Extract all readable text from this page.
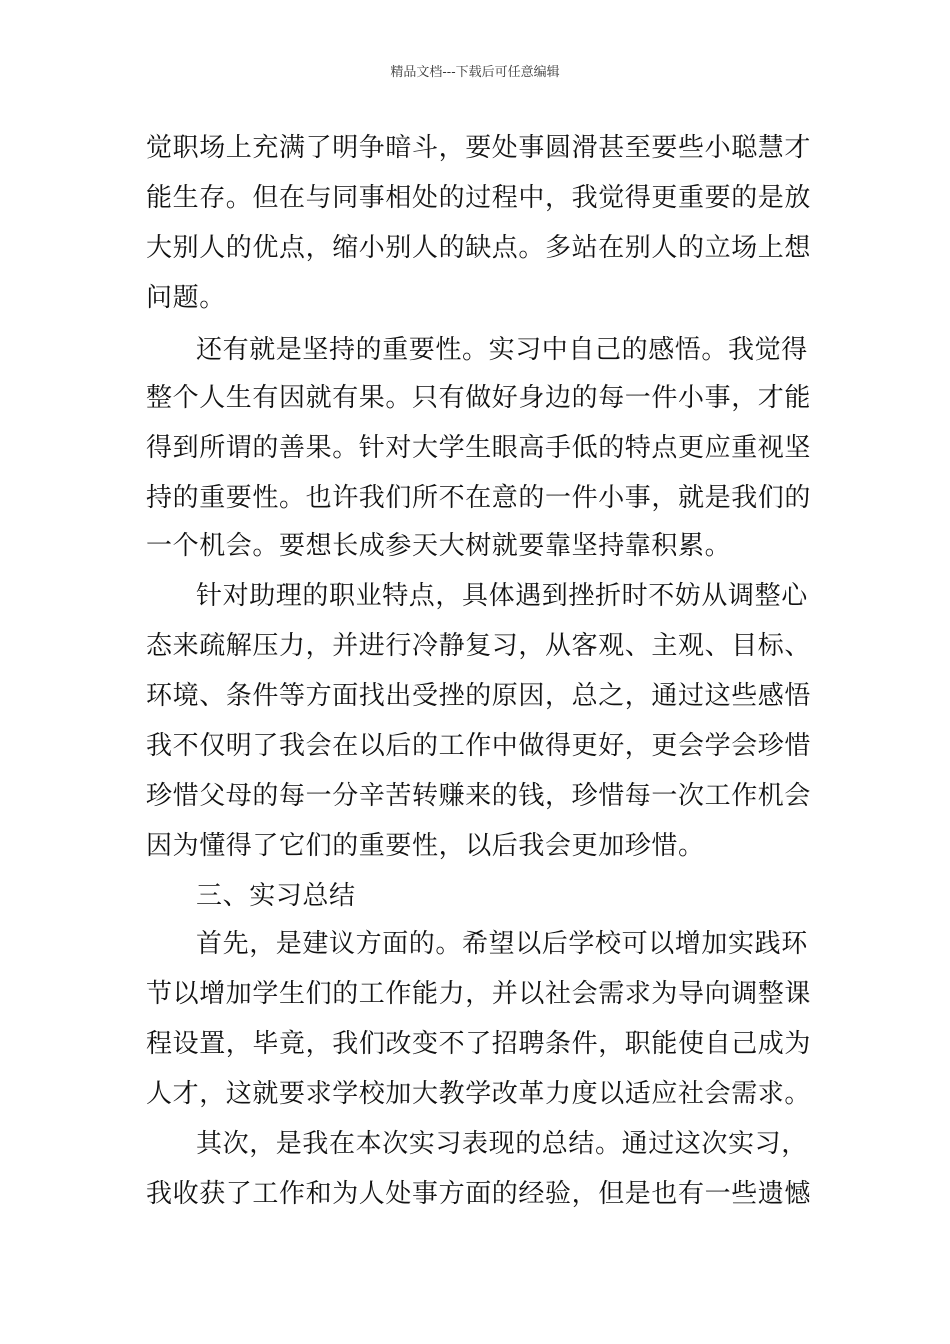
精品文档---下载后可任意编辑
觉职场上充满了明争暗斗，要处事圆滑甚至要些小聪慧才
能生存。但在与同事相处的过程中，我觉得更重要的是放
大别人的优点，缩小别人的缺点。多站在别人的立场上想
问题。
还有就是坚持的重要性。实习中自己的感悟。我觉得
整个人生有因就有果。只有做好身边的每一件小事，才能
得到所谓的善果。针对大学生眼高手低的特点更应重视坚
持的重要性。也许我们所不在意的一件小事，就是我们的
一个机会。要想长成参天大树就要靠坚持靠积累。
针对助理的职业特点，具体遇到挫折时不妨从调整心
态来疏解压力，并进行冷静复习，从客观、主观、目标、
环境、条件等方面找出受挫的原因，总之，通过这些感悟
我不仅明了我会在以后的工作中做得更好，更会学会珍惜
珍惜父母的每一分辛苦转赚来的钱，珍惜每一次工作机会
因为懂得了它们的重要性，以后我会更加珍惜。
三、实习总结
首先，是建议方面的。希望以后学校可以增加实践环
节以增加学生们的工作能力，并以社会需求为导向调整课
程设置，毕竟，我们改变不了招聘条件，职能使自己成为
人才，这就要求学校加大教学改革力度以适应社会需求。
其次，是我在本次实习表现的总结。通过这次实习，
我收获了工作和为人处事方面的经验，但是也有一些遗憾
